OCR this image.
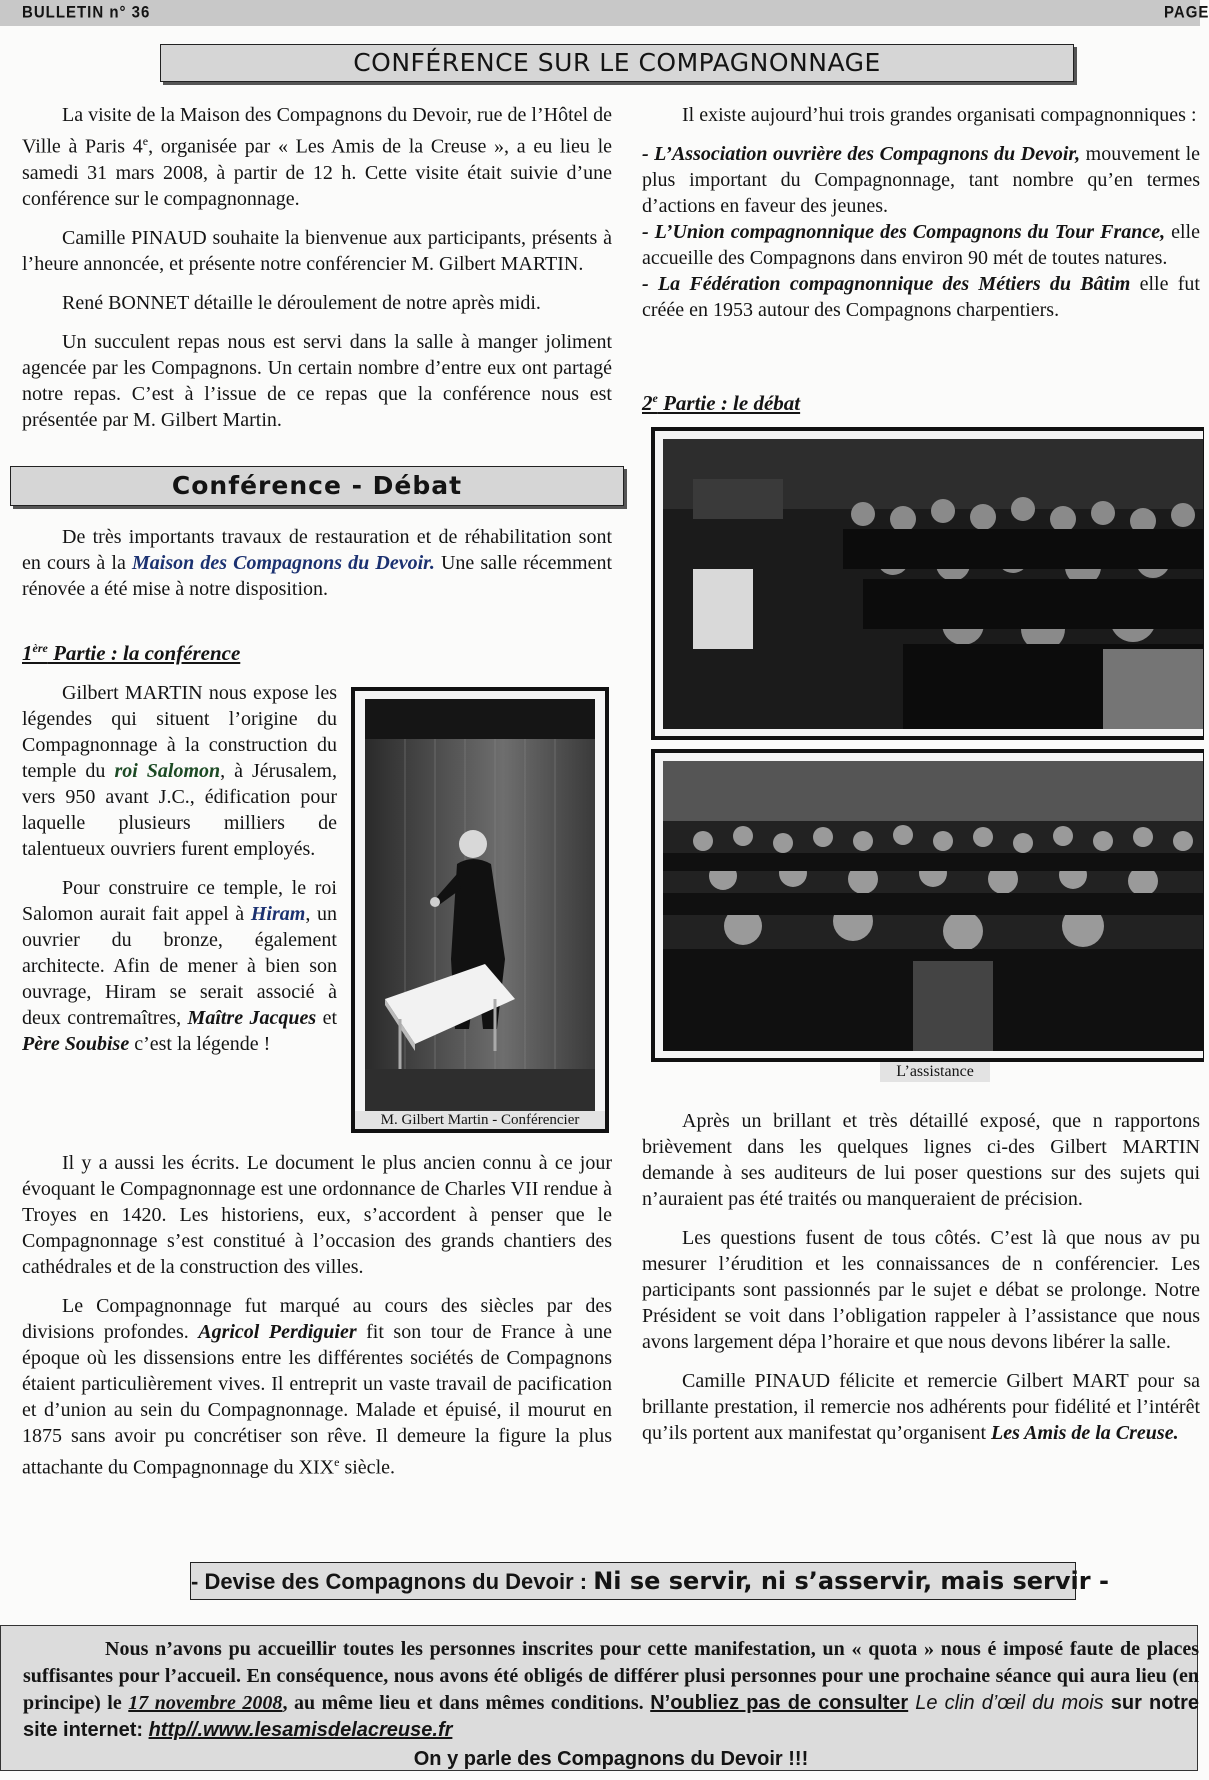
BULLETIN n° 36	PAGE
CONFÉRENCE SUR LE COMPAGNONNAGE

La visite de la Maison des Compagnons du Devoir, rue de l’Hôtel de Ville à Paris 4e, organisée par « Les Amis de la Creuse », a eu lieu le samedi 31 mars 2008, à partir de 12 h. Cette visite était suivie d’une conférence sur le compagnonnage.

Camille PINAUD souhaite la bienvenue aux participants, présents à l’heure annoncée, et présente notre conférencier M. Gilbert MARTIN.

René BONNET détaille le déroulement de notre après midi.

Un succulent repas nous est servi dans la salle à manger joliment agencée par les Compagnons. Un certain nombre d’entre eux ont partagé notre repas. C’est à l’issue de ce repas que la conférence nous est présentée par M. Gilbert Martin.

Conférence - Débat

De très importants travaux de restauration et de réhabilitation sont en cours à la Maison des Compagnons du Devoir. Une salle récemment rénovée a été mise à notre disposition.

1ère Partie : la conférence

Gilbert MARTIN nous expose les légendes qui situent l’origine du Compagnonnage à la construction du temple du roi Salomon, à Jérusalem, vers 950 avant J.C., édification pour laquelle plusieurs milliers de talentueux ouvriers furent employés.

Pour construire ce temple, le roi Salomon aurait fait appel à Hiram, un ouvrier du bronze, également architecte. Afin de mener à bien son ouvrage, Hiram se serait associé à deux contremaîtres, Maître Jacques et Père Soubise c’est la légende !

M. Gilbert Martin - Conférencier

Il y a aussi les écrits. Le document le plus ancien connu à ce jour évoquant le Compagnonnage est une ordonnance de Charles VII rendue à Troyes en 1420. Les historiens, eux, s’accordent à penser que le Compagnonnage s’est constitué à l’occasion des grands chantiers des cathédrales et de la construction des villes.

Le Compagnonnage fut marqué au cours des siècles par des divisions profondes. Agricol Perdiguier fit son tour de France à une époque où les dissensions entre les différentes sociétés de Compagnons étaient particulièrement vives. Il entreprit un vaste travail de pacification et d’union au sein du Compagnonnage. Malade et épuisé, il mourut en 1875 sans avoir pu concrétiser son rêve. Il demeure la figure la plus attachante du Compagnonnage du XIXe siècle.

Il existe aujourd’hui trois grandes organisati compagnonniques :

- L’Association ouvrière des Compagnons du Devoir, mouvement le plus important du Compagnonnage, tant nombre qu’en termes d’actions en faveur des jeunes.

- L’Union compagnonnique des Compagnons du Tour France, elle accueille des Compagnons dans environ 90 mét de toutes natures.

- La Fédération compagnonnique des Métiers du Bâtim elle fut créée en 1953 autour des Compagnons charpentiers.

2e Partie : le débat
L’assistance

Après un brillant et très détaillé exposé, que n rapportons brièvement dans les quelques lignes ci-des Gilbert MARTIN demande à ses auditeurs de lui poser questions sur des sujets qui n’auraient pas été traités ou manqueraient de précision.

Les questions fusent de tous côtés. C’est là que nous av pu mesurer l’érudition et les connaissances de n conférencier. Les participants sont passionnés par le sujet e débat se prolonge. Notre Président se voit dans l’obligation rappeler à l’assistance que nous avons largement dépa l’horaire et que nous devons libérer la salle.

Camille PINAUD félicite et remercie Gilbert MART pour sa brillante prestation, il remercie nos adhérents pour fidélité et l’intérêt qu’ils portent aux manifestat qu’organisent Les Amis de la Creuse.

- Devise des Compagnons du Devoir : Ni se servir, ni s’asservir, mais servir -
Nous n’avons pu accueillir toutes les personnes inscrites pour cette manifestation, un « quota » nous é imposé faute de places suffisantes pour l’accueil. En conséquence, nous avons été obligés de différer plusi personnes pour une prochaine séance qui aura lieu (en principe) le 17 novembre 2008, au même lieu et dans mêmes conditions. N’oubliez pas de consulter Le clin d’œil du mois sur notre site internet: http//.www.lesamisdelacreuse.fr
On y parle des Compagnons du Devoir !!!
